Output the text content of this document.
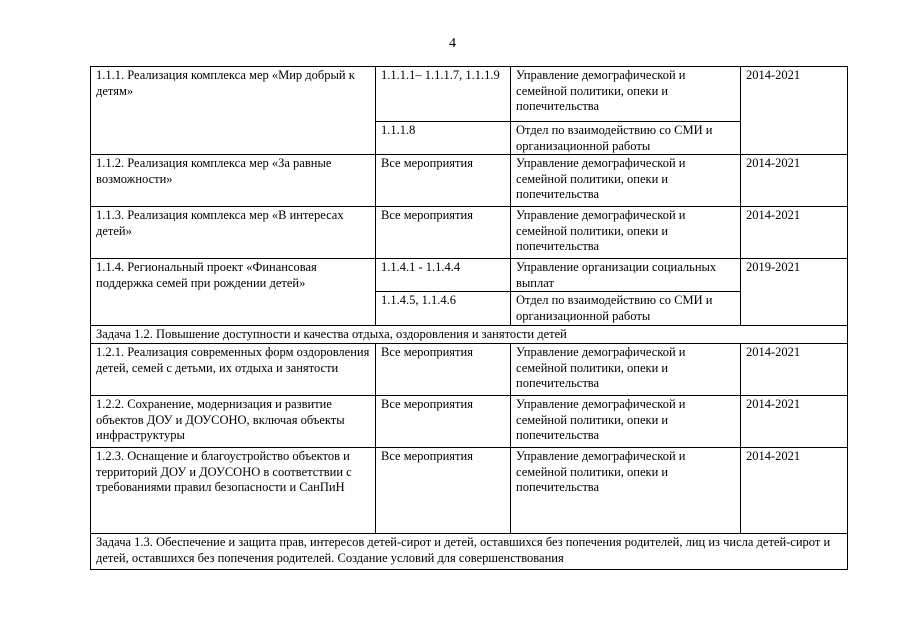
4
1.1.1. Реализация комплекса мер «Мир добрый к детям»	1.1.1.1– 1.1.1.7, 1.1.1.9	Управление демографической и семейной политики, опеки и попечительства	2014-2021
	1.1.1.8	Отдел по взаимодействию со СМИ и организационной работы	
1.1.2. Реализация комплекса мер «За равные возможности»	Все мероприятия	Управление демографической и семейной политики, опеки и попечительства	2014-2021
1.1.3. Реализация комплекса мер «В интересах детей»	Все мероприятия	Управление демографической и семейной политики, опеки и попечительства	2014-2021
1.1.4. Региональный проект «Финансовая поддержка семей при рождении детей»	1.1.4.1 - 1.1.4.4	Управление организации социальных выплат	2019-2021
	1.1.4.5, 1.1.4.6	Отдел по взаимодействию со СМИ и организационной работы	
Задача 1.2. Повышение доступности и качества отдыха, оздоровления и занятости детей			
1.2.1. Реализация современных форм оздоровления детей, семей с детьми, их отдыха и занятости	Все мероприятия	Управление демографической и семейной политики, опеки и попечительства	2014-2021
1.2.2. Сохранение, модернизация и развитие объектов ДОУ и ДОУСОНО, включая объекты инфраструктуры	Все мероприятия	Управление демографической и семейной политики, опеки и попечительства	2014-2021
1.2.3. Оснащение и благоустройство объектов и территорий ДОУ и ДОУСОНО в соответствии с требованиями правил безопасности и СанПиН	Все мероприятия	Управление демографической и семейной политики, опеки и попечительства	2014-2021
Задача 1.3. Обеспечение и защита прав, интересов детей-сирот и детей, оставшихся без попечения родителей, лиц из числа детей-сирот и детей, оставшихся без попечения родителей. Создание условий для совершенствования			
